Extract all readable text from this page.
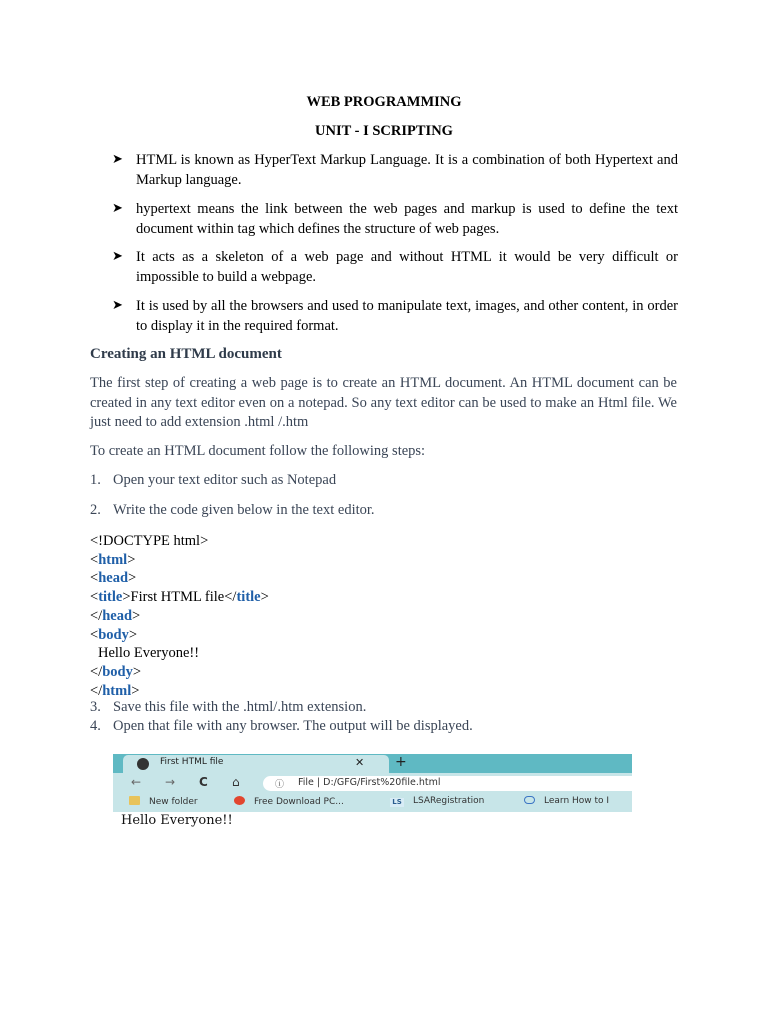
WEB PROGRAMMING
UNIT - I SCRIPTING
➤ HTML is known as HyperText Markup Language. It is a combination of both Hypertext and Markup language.
➤ hypertext means the link between the web pages and markup is used to define the text document within tag which defines the structure of web pages.
➤ It acts as a skeleton of a web page and without HTML it would be very difficult or impossible to build a webpage.
➤ It is used by all the browsers and used to manipulate text, images, and other content, in order to display it in the required format.
Creating an HTML document
The first step of creating a web page is to create an HTML document. An HTML document can be created in any text editor even on a notepad. So any text editor can be used to make an Html file. We just need to add extension .html /.htm
To create an HTML document follow the following steps:
1. Open your text editor such as Notepad
2. Write the code given below in the text editor.
<!DOCTYPE html>
<html>
<head>
<title>First HTML file</title>
</head>
<body>
Hello Everyone!!
</body>
</html>
3. Save this file with the .html/.htm extension.
4. Open that file with any browser. The output will be displayed.
First HTML file	✕ +
← → C ⌂	ⓘ File | D:/GFG/First%20file.html
New folder	Free Download PC...	LS LSARegistration	Learn How to I
Hello Everyone!!
